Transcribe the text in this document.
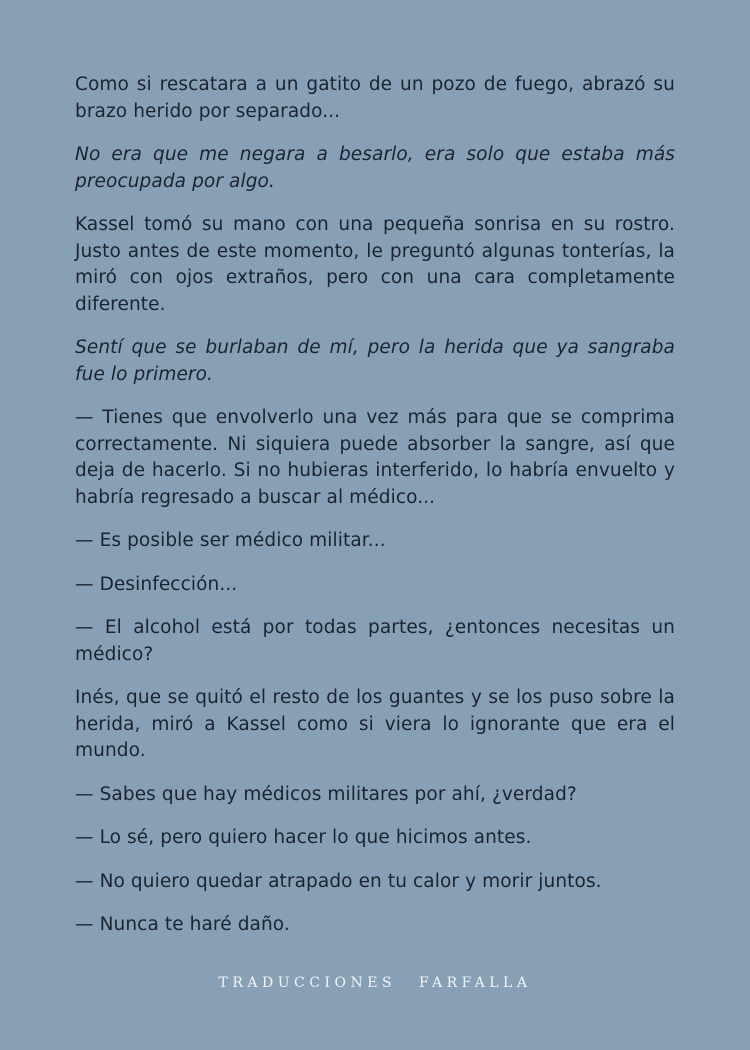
Como si rescatara a un gatito de un pozo de fuego, abrazó su brazo herido por separado...

No era que me negara a besarlo, era solo que estaba más preocupada por algo.

Kassel tomó su mano con una pequeña sonrisa en su rostro. Justo antes de este momento, le preguntó algunas tonterías, la miró con ojos extraños, pero con una cara completamente diferente.

Sentí que se burlaban de mí, pero la herida que ya sangraba fue lo primero.

— Tienes que envolverlo una vez más para que se comprima correctamente. Ni siquiera puede absorber la sangre, así que deja de hacerlo. Si no hubieras interferido, lo habría envuelto y habría regresado a buscar al médico...

— Es posible ser médico militar...

— Desinfección...

— El alcohol está por todas partes, ¿entonces necesitas un médico?

Inés, que se quitó el resto de los guantes y se los puso sobre la herida, miró a Kassel como si viera lo ignorante que era el mundo.

— Sabes que hay médicos militares por ahí, ¿verdad?

— Lo sé, pero quiero hacer lo que hicimos antes.

— No quiero quedar atrapado en tu calor y morir juntos.

— Nunca te haré daño.

TRADUCCIONES FARFALLA
